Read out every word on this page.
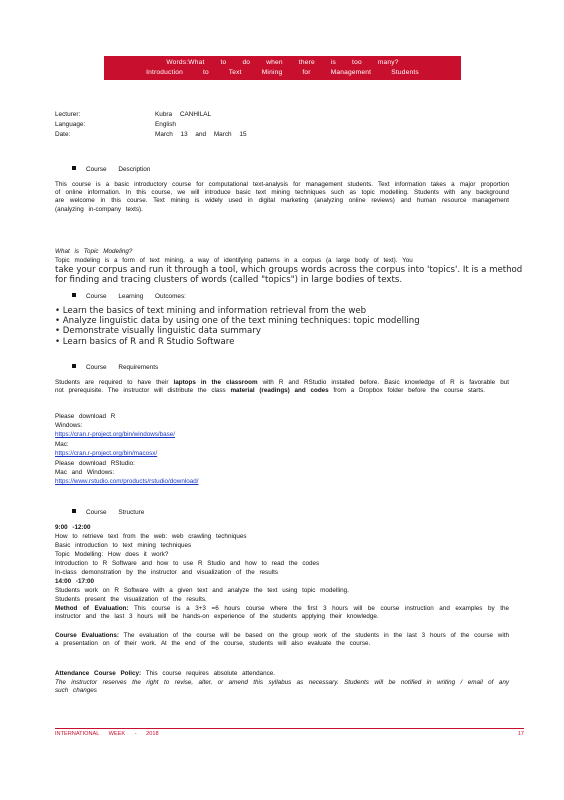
Words:What to do when there is too many?
Introduction to Text Mining for Management Students
Lecturer:	Kubra CANHILAL
Language:	English
Date:	March 13 and March 15
Course Description
This course is a basic introductory course for computational text-analysis for management students. Text information takes a major proportion of online information. In this course, we will introduce basic text mining techniques such as topic modelling. Students with any background are welcome in this course. Text mining is widely used in digital marketing (analyzing online reviews) and human resource management (analyzing in-company texts).
What is Topic Modeling?
Topic modeling is a form of text mining, a way of identifying patterns in a corpus (a large body of text). You
take your corpus and run it through a tool, which groups words across the corpus into 'topics'. It is a method for finding and tracing clusters of words (called "topics") in large bodies of texts.
Course Learning Outcomes:
• Learn the basics of text mining and information retrieval from the web
• Analyze linguistic data by using one of the text mining techniques: topic modelling
• Demonstrate visually linguistic data summary
• Learn basics of R and R Studio Software
Course Requirements
Students are required to have their laptops in the classroom with R and RStudio installed before. Basic knowledge of R is favorable but not prerequisite. The instructor will distribute the class material (readings) and codes from a Dropbox folder before the course starts.
Please download R
Windows:
https://cran.r-project.org/bin/windows/base/
Mac:
https://cran.r-project.org/bin/macosx/
Please download RStudio:
Mac and Windows:
https://www.rstudio.com/products/rstudio/download/
Course Structure
9:00 -12:00
How to retrieve text from the web: web crawling techniques
Basic introduction to text mining techniques
Topic Modelling: How does it work?
Introduction to R Software and how to use R Studio and how to read the codes
In-class demonstration by the instructor and visualization of the results
14:00 -17:00
Students work on R Software with a given text and analyze the text using topic modelling.
Students present the visualization of the results.
Method of Evaluation: This course is a 3+3 =6 hours course where the first 3 hours will be course instruction and examples by the instructor and the last 3 hours will be hands-on experience of the students applying their knowledge.
Course Evaluations: The evaluation of the course will be based on the group work of the students in the last 3 hours of the course with a presentation on of their work. At the end of the course, students will also evaluate the course.
Attendance Course Policy: This course requires absolute attendance.
The instructor reserves the right to revise, alter, or amend this syllabus as necessary. Students will be notified in writing / email of any such changes
INTERNATIONAL WEEK - 2018	17
